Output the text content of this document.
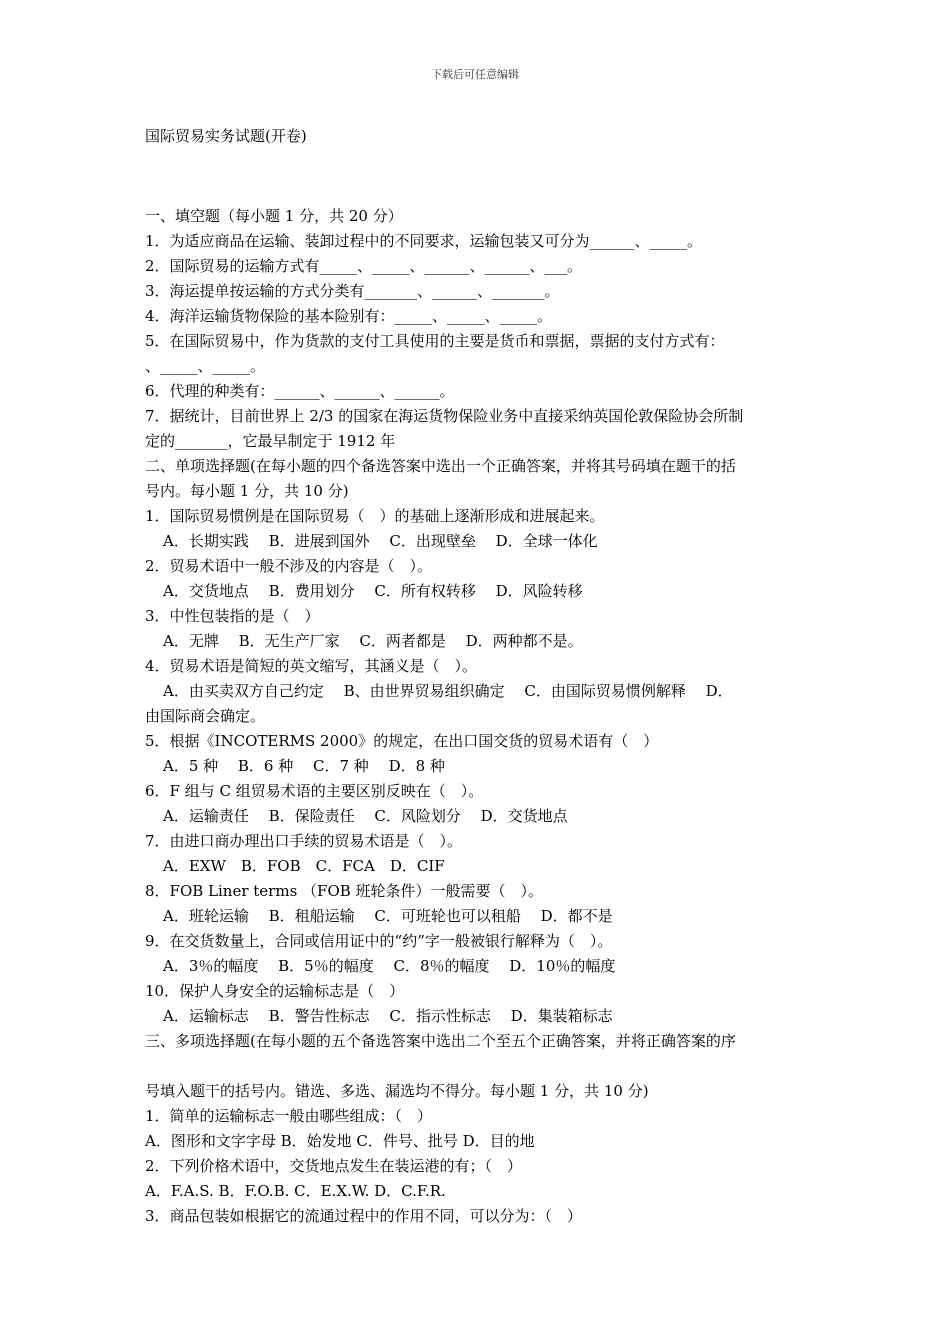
下载后可任意编辑
国际贸易实务试题(开卷)
一、填空题（每小题 1 分，共 20 分）
1．为适应商品在运输、装卸过程中的不同要求，运输包装又可分为______、_____。
2．国际贸易的运输方式有_____、_____、______、______、___。
3．海运提单按运输的方式分类有_______、______、_______。
4．海洋运输货物保险的基本险别有：_____、_____、_____。
5．在国际贸易中，作为货款的支付工具使用的主要是货币和票据，票据的支付方式有：
、_____、_____。
6．代理的种类有：______、______、______。
7．据统计，目前世界上 2/3 的国家在海运货物保险业务中直接采纳英国伦敦保险协会所制
定的_______，它最早制定于 1912 年
二、单项选择题(在每小题的四个备选答案中选出一个正确答案，并将其号码填在题干的括
号内。每小题 1 分，共 10 分)
1．国际贸易惯例是在国际贸易（　）的基础上逐渐形成和进展起来。
A．长期实践　 B．进展到国外　 C．出现壁垒　 D．全球一体化
2．贸易术语中一般不涉及的内容是（　）。
A．交货地点　 B．费用划分　 C．所有权转移　 D．风险转移
3．中性包装指的是（　）
A．无牌　 B．无生产厂家　 C．两者都是　 D．两种都不是。
4．贸易术语是简短的英文缩写，其涵义是（　）。
A．由买卖双方自己约定　 B、由世界贸易组织确定　 C．由国际贸易惯例解释　 D．
由国际商会确定。
5．根据《INCOTERMS 2000》的规定，在出口国交货的贸易术语有（　）
A．5 种　 B．6 种　 C．7 种　 D．8 种
6．F 组与 C 组贸易术语的主要区别反映在（　）。
A．运输责任　 B．保险责任　 C．风险划分　 D．交货地点
7．由进口商办理出口手续的贸易术语是（　）。
A．EXW　B．FOB　C．FCA　D．CIF
8．FOB Liner terms （FOB 班轮条件）一般需要（　）。
A．班轮运输　 B．租船运输　 C．可班轮也可以租船　 D．都不是
9．在交货数量上，合同或信用证中的“约”字一般被银行解释为（　）。
A．3％的幅度　 B．5％的幅度　 C．8％的幅度　 D．10％的幅度
10．保护人身安全的运输标志是（　）
A．运输标志　 B．警告性标志　 C．指示性标志　 D．集装箱标志
三、多项选择题(在每小题的五个备选答案中选出二个至五个正确答案，并将正确答案的序
号填入题干的括号内。错选、多选、漏选均不得分。每小题 1 分，共 10 分)
1．简单的运输标志一般由哪些组成：（　）
A．图形和文字字母 B．始发地 C．件号、批号 D．目的地
2．下列价格术语中，交货地点发生在装运港的有；（　）
A．F.A.S. B．F.O.B. C．E.X.W. D．C.F.R.
3．商品包装如根据它的流通过程中的作用不同，可以分为：（　）
